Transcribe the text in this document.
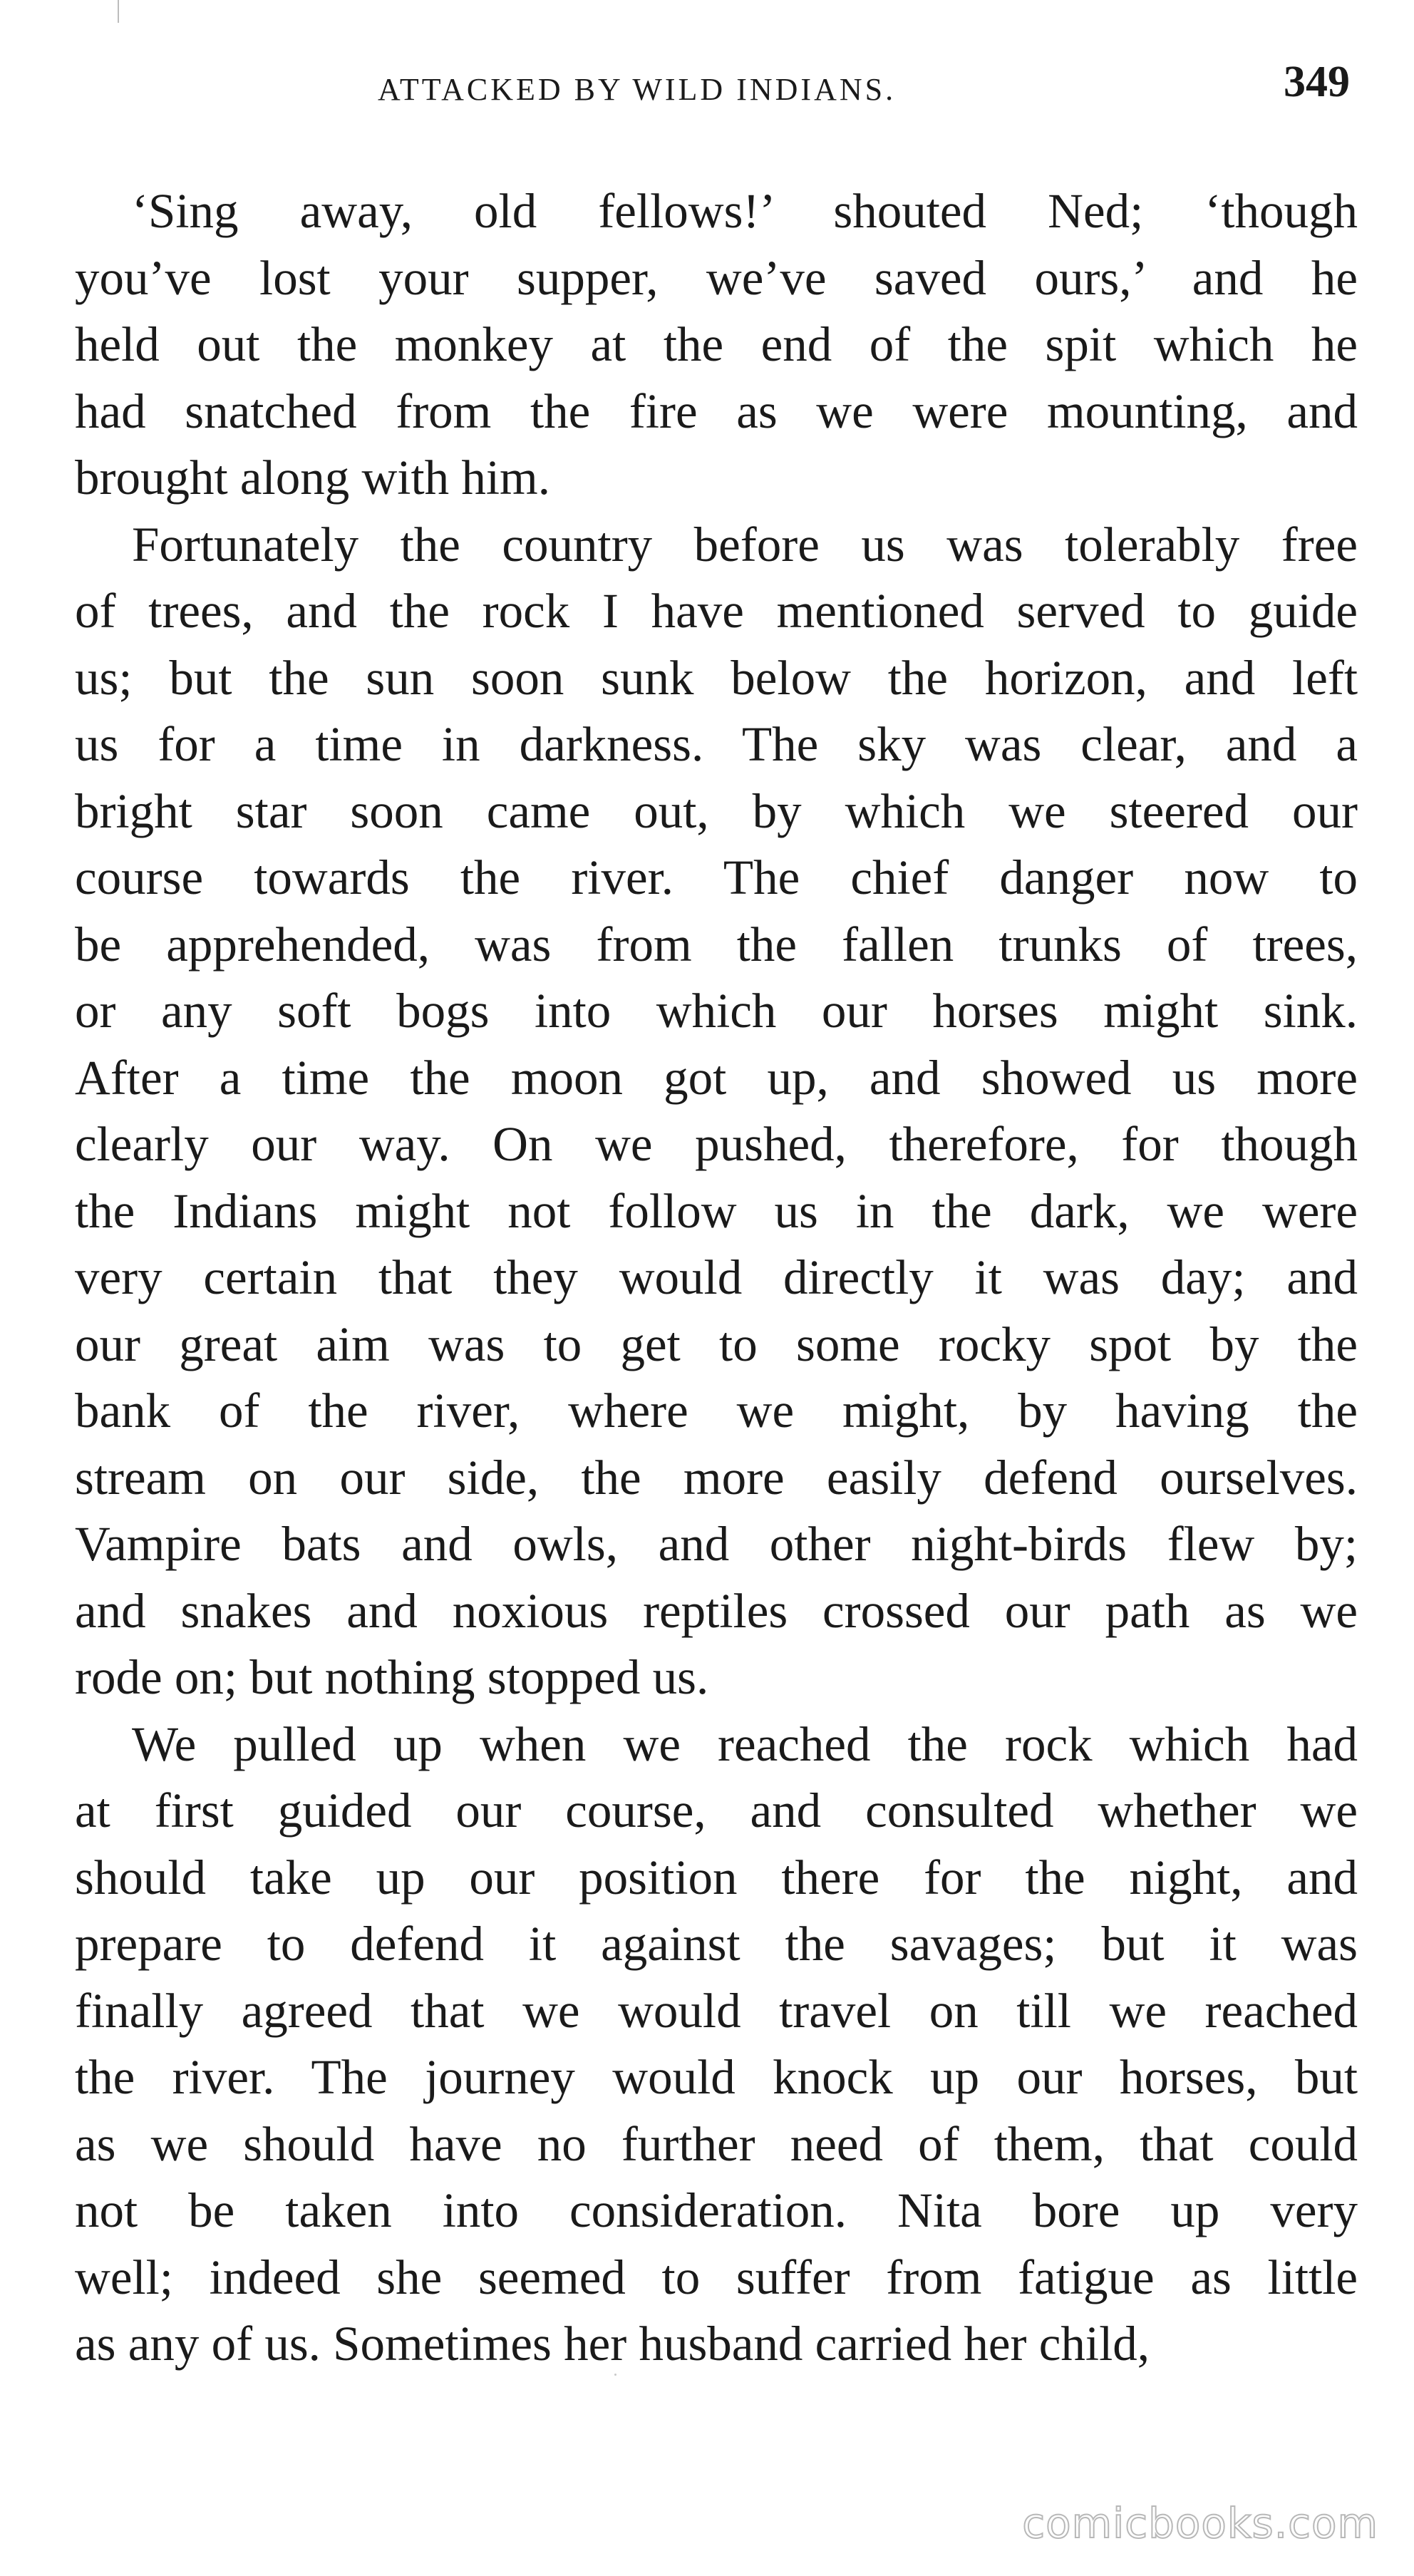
ATTACKED BY WILD INDIANS.	349
‘Sing away, old fellows!’ shouted Ned; ‘though
you’ve lost your supper, we’ve saved ours,’ and he
held out the monkey at the end of the spit which he
had snatched from the fire as we were mounting, and
brought along with him.
Fortunately the country before us was tolerably free
of trees, and the rock I have mentioned served to guide
us; but the sun soon sunk below the horizon, and left
us for a time in darkness. The sky was clear, and a
bright star soon came out, by which we steered our
course towards the river. The chief danger now to
be apprehended, was from the fallen trunks of trees,
or any soft bogs into which our horses might sink.
After a time the moon got up, and showed us more
clearly our way. On we pushed, therefore, for though
the Indians might not follow us in the dark, we were
very certain that they would directly it was day; and
our great aim was to get to some rocky spot by the
bank of the river, where we might, by having the
stream on our side, the more easily defend ourselves.
Vampire bats and owls, and other night-birds flew by;
and snakes and noxious reptiles crossed our path as we
rode on; but nothing stopped us.
We pulled up when we reached the rock which had
at first guided our course, and consulted whether we
should take up our position there for the night, and
prepare to defend it against the savages; but it was
finally agreed that we would travel on till we reached
the river. The journey would knock up our horses, but
as we should have no further need of them, that could
not be taken into consideration. Nita bore up very
well; indeed she seemed to suffer from fatigue as little
as any of us. Sometimes her husband carried her child,
comicbooks.com
